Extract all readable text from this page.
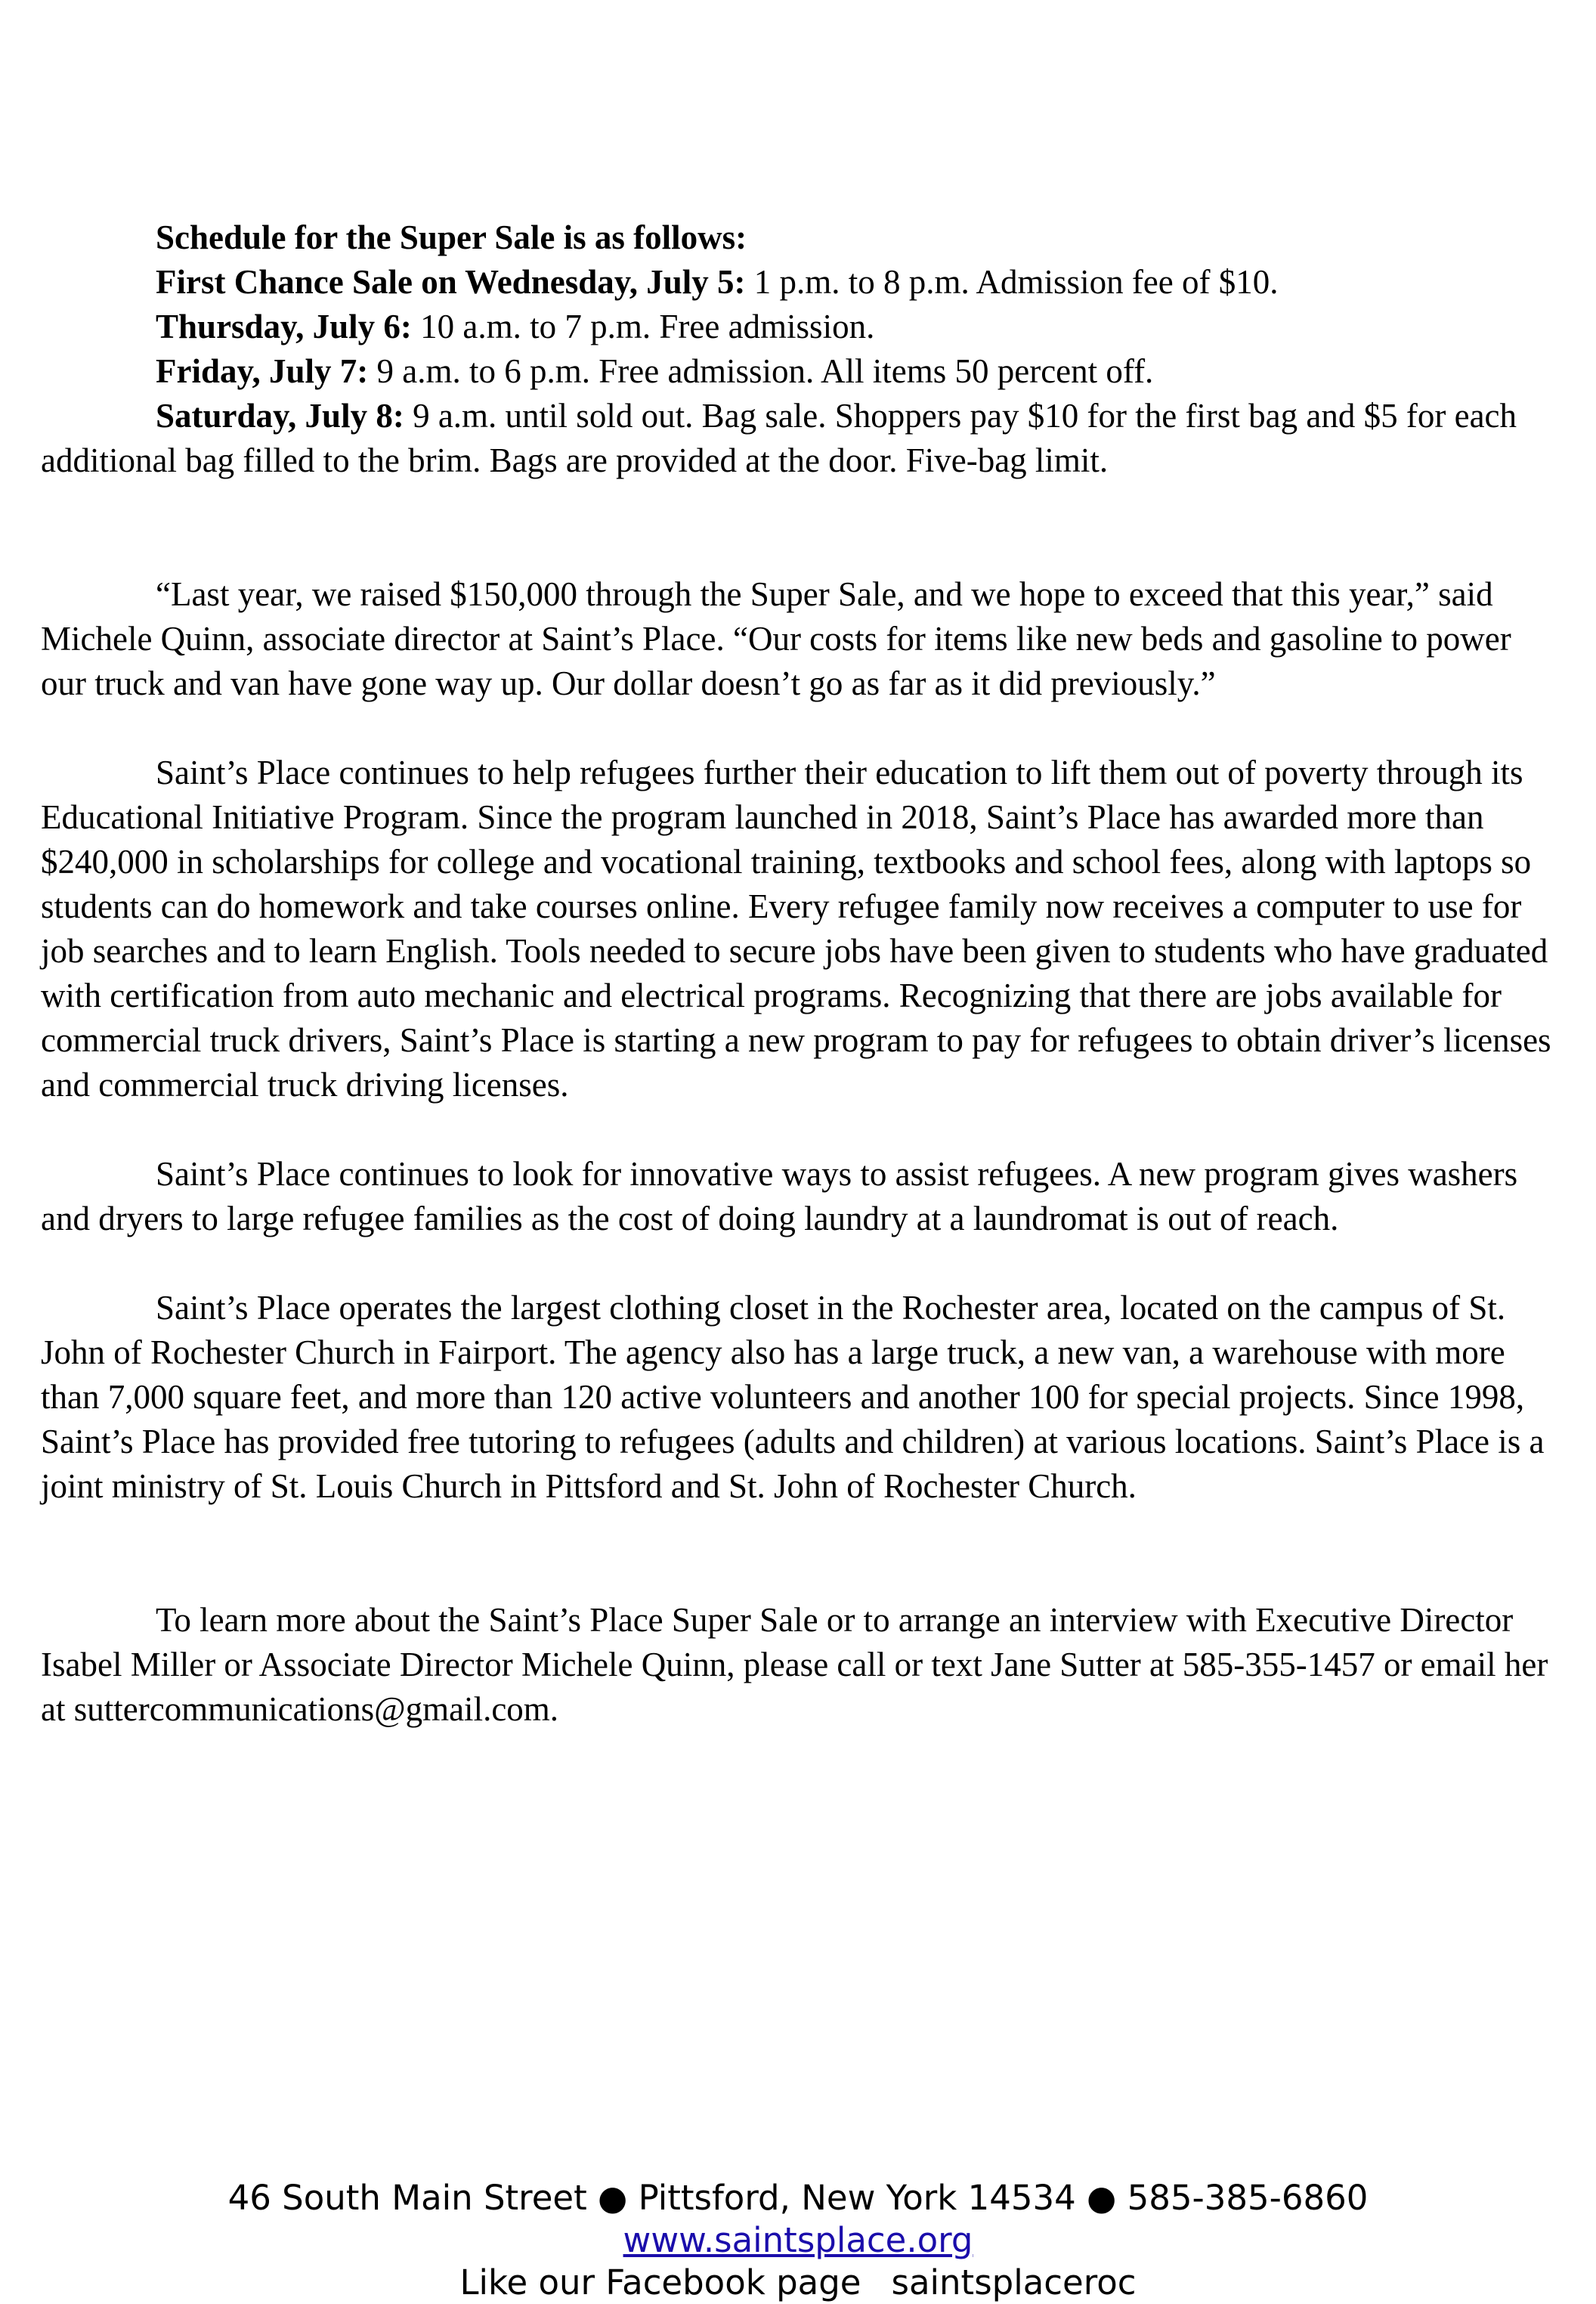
Schedule for the Super Sale is as follows:

First Chance Sale on Wednesday, July 5: 1 p.m. to 8 p.m. Admission fee of $10.

Thursday, July 6: 10 a.m. to 7 p.m. Free admission.

Friday, July 7: 9 a.m. to 6 p.m. Free admission. All items 50 percent off.

Saturday, July 8: 9 a.m. until sold out. Bag sale. Shoppers pay $10 for the first bag and $5 for each additional bag filled to the brim. Bags are provided at the door. Five-bag limit.

“Last year, we raised $150,000 through the Super Sale, and we hope to exceed that this year,” said Michele Quinn, associate director at Saint’s Place. “Our costs for items like new beds and gasoline to power our truck and van have gone way up. Our dollar doesn’t go as far as it did previously.”

Saint’s Place continues to help refugees further their education to lift them out of poverty through its Educational Initiative Program. Since the program launched in 2018, Saint’s Place has awarded more than $240,000 in scholarships for college and vocational training, textbooks and school fees, along with laptops so students can do homework and take courses online. Every refugee family now receives a computer to use for job searches and to learn English. Tools needed to secure jobs have been given to students who have graduated with certification from auto mechanic and electrical programs. Recognizing that there are jobs available for commercial truck drivers, Saint’s Place is starting a new program to pay for refugees to obtain driver’s licenses and commercial truck driving licenses.

Saint’s Place continues to look for innovative ways to assist refugees. A new program gives washers and dryers to large refugee families as the cost of doing laundry at a laundromat is out of reach.

Saint’s Place operates the largest clothing closet in the Rochester area, located on the campus of St. John of Rochester Church in Fairport. The agency also has a large truck, a new van, a warehouse with more than 7,000 square feet, and more than 120 active volunteers and another 100 for special projects. Since 1998, Saint’s Place has provided free tutoring to refugees (adults and children) at various locations. Saint’s Place is a joint ministry of St. Louis Church in Pittsford and St. John of Rochester Church.

To learn more about the Saint’s Place Super Sale or to arrange an interview with Executive Director Isabel Miller or Associate Director Michele Quinn, please call or text Jane Sutter at 585-355-1457 or email her at suttercommunications@gmail.com.

46 South Main Street ● Pittsford, New York 14534 ● 585-385-6860
www.saintsplace.org
Like our Facebook page saintsplaceroc
